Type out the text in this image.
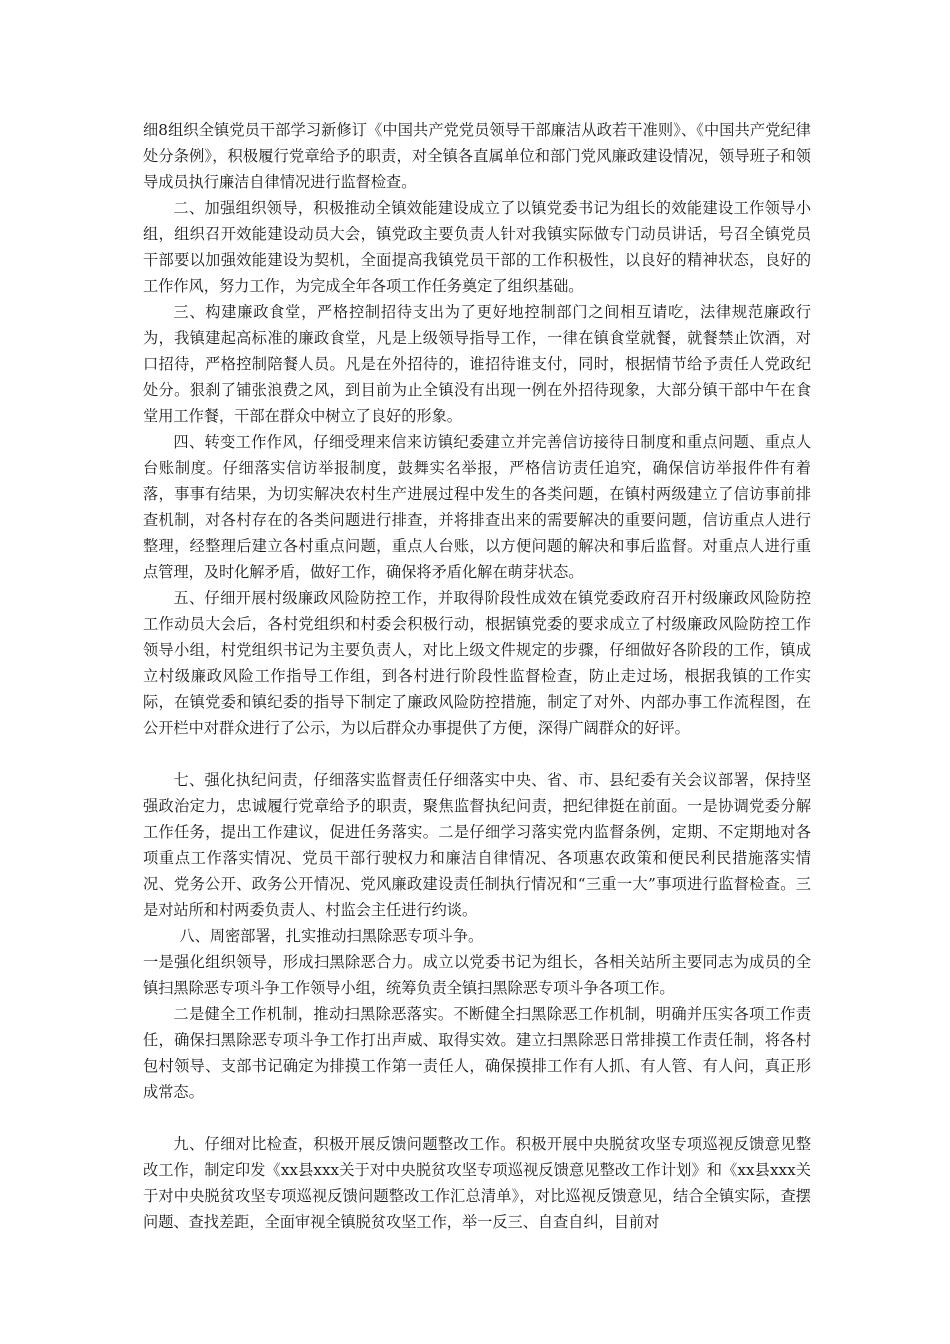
细8组织全镇党员干部学习新修订《中国共产党党员领导干部廉洁从政若干准则》、《中国共产党纪律处分条例》，积极履行党章给予的职责，对全镇各直属单位和部门党风廉政建设情况，领导班子和领导成员执行廉洁自律情况进行监督检查。

二、加强组织领导，积极推动全镇效能建设成立了以镇党委书记为组长的效能建设工作领导小组，组织召开效能建设动员大会，镇党政主要负责人针对我镇实际做专门动员讲话，号召全镇党员干部要以加强效能建设为契机，全面提高我镇党员干部的工作积极性，以良好的精神状态，良好的工作作风，努力工作，为完成全年各项工作任务奠定了组织基础。

三、构建廉政食堂，严格控制招待支出为了更好地控制部门之间相互请吃，法律规范廉政行为，我镇建起高标准的廉政食堂，凡是上级领导指导工作，一律在镇食堂就餐，就餐禁止饮酒，对口招待，严格控制陪餐人员。凡是在外招待的，谁招待谁支付，同时，根据情节给予责任人党政纪处分。狠刹了铺张浪费之风，到目前为止全镇没有出现一例在外招待现象，大部分镇干部中午在食堂用工作餐，干部在群众中树立了良好的形象。

四、转变工作作风，仔细受理来信来访镇纪委建立并完善信访接待日制度和重点问题、重点人台账制度。仔细落实信访举报制度，鼓舞实名举报，严格信访责任追究，确保信访举报件件有着落，事事有结果，为切实解决农村生产进展过程中发生的各类问题，在镇村两级建立了信访事前排查机制，对各村存在的各类问题进行排查，并将排查出来的需要解决的重要问题，信访重点人进行整理，经整理后建立各村重点问题，重点人台账，以方便问题的解决和事后监督。对重点人进行重点管理，及时化解矛盾，做好工作，确保将矛盾化解在萌芽状态。

五、仔细开展村级廉政风险防控工作，并取得阶段性成效在镇党委政府召开村级廉政风险防控工作动员大会后，各村党组织和村委会积极行动，根据镇党委的要求成立了村级廉政风险防控工作领导小组，村党组织书记为主要负责人，对比上级文件规定的步骤，仔细做好各阶段的工作，镇成立村级廉政风险工作指导工作组，到各村进行阶段性监督检查，防止走过场，根据我镇的工作实际，在镇党委和镇纪委的指导下制定了廉政风险防控措施，制定了对外、内部办事工作流程图，在公开栏中对群众进行了公示，为以后群众办事提供了方便，深得广阔群众的好评。

七、强化执纪问责，仔细落实监督责任仔细落实中央、省、市、县纪委有关会议部署，保持坚强政治定力，忠诚履行党章给予的职责，聚焦监督执纪问责，把纪律挺在前面。一是协调党委分解工作任务，提出工作建议，促进任务落实。二是仔细学习落实党内监督条例，定期、不定期地对各项重点工作落实情况、党员干部行驶权力和廉洁自律情况、各项惠农政策和便民利民措施落实情况、党务公开、政务公开情况、党风廉政建设责任制执行情况和“三重一大”事项进行监督检查。三是对站所和村两委负责人、村监会主任进行约谈。

八、周密部署，扎实推动扫黑除恶专项斗争。

一是强化组织领导，形成扫黑除恶合力。成立以党委书记为组长，各相关站所主要同志为成员的全镇扫黑除恶专项斗争工作领导小组，统筹负责全镇扫黑除恶专项斗争各项工作。

二是健全工作机制，推动扫黑除恶落实。不断健全扫黑除恶工作机制，明确并压实各项工作责任，确保扫黑除恶专项斗争工作打出声威、取得实效。建立扫黑除恶日常排摸工作责任制，将各村包村领导、支部书记确定为排摸工作第一责任人，确保摸排工作有人抓、有人管、有人问，真正形成常态。

九、仔细对比检查，积极开展反馈问题整改工作。积极开展中央脱贫攻坚专项巡视反馈意见整改工作，制定印发《xx县xxx关于对中央脱贫攻坚专项巡视反馈意见整改工作计划》和《xx县xxx关于对中央脱贫攻坚专项巡视反馈问题整改工作汇总清单》，对比巡视反馈意见，结合全镇实际，查摆问题、查找差距，全面审视全镇脱贫攻坚工作，举一反三、自查自纠，目前对
